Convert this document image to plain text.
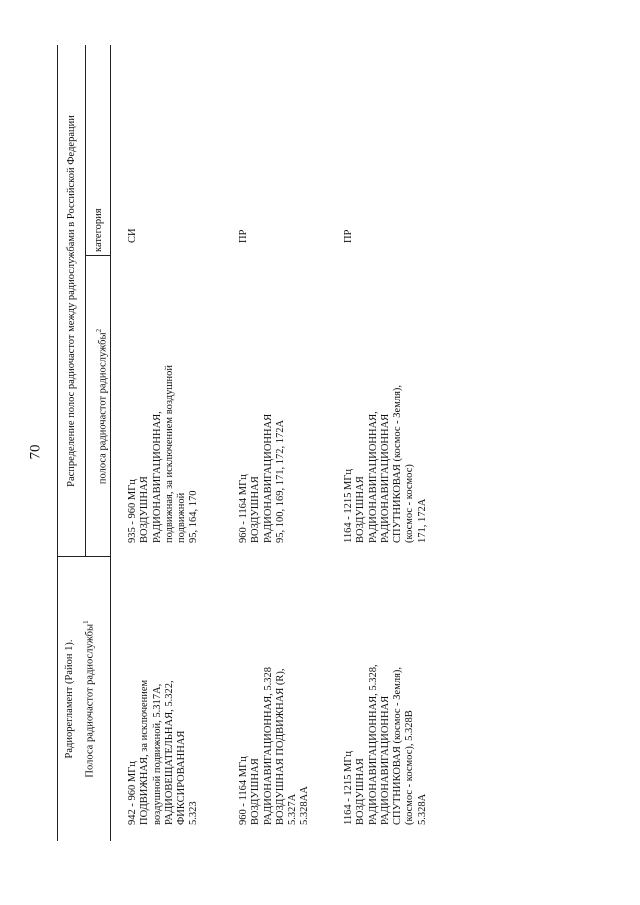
70
Радиорегламент (Район 1). Полоса радиочастот радиослужбы$^1$
Распределение полос радиочастот между радиослужбами в Российской Федерации	полоса радиочастот радиослужбы$^2$
категория
942 - 960 МГц ПОДВИЖНАЯ, за исключением воздушной подвижной, 5.317А, РАДИОВЕЩАТЕЛЬНАЯ, 5.322, ФИКСИРОВАННАЯ 5.323
935 - 960 МГц ВОЗДУШНАЯ РАДИОНАВИГАЦИОННАЯ, подвижная, за исключением воздушной подвижной 95, 164, 170
СИ
960 - 1164 МГц ВОЗДУШНАЯ РАДИОНАВИГАЦИОННАЯ, 5.328 ВОЗДУШНАЯ ПОДВИЖНАЯ (R), 5.327А 5.328АА
960 - 1164 МГц ВОЗДУШНАЯ РАДИОНАВИГАЦИОННАЯ 95, 100, 169, 171, 172, 172А
ПР
1164 - 1215 МГц ВОЗДУШНАЯ РАДИОНАВИГАЦИОННАЯ, 5.328, РАДИОНАВИГАЦИОННАЯ СПУТНИКОВАЯ (космос - Земля), (космос - космос), 5.328В 5.328А
1164 - 1215 МГц ВОЗДУШНАЯ РАДИОНАВИГАЦИОННАЯ, РАДИОНАВИГАЦИОННАЯ СПУТНИКОВАЯ (космос - Земля), (космос - космос) 171, 172А
ПР
